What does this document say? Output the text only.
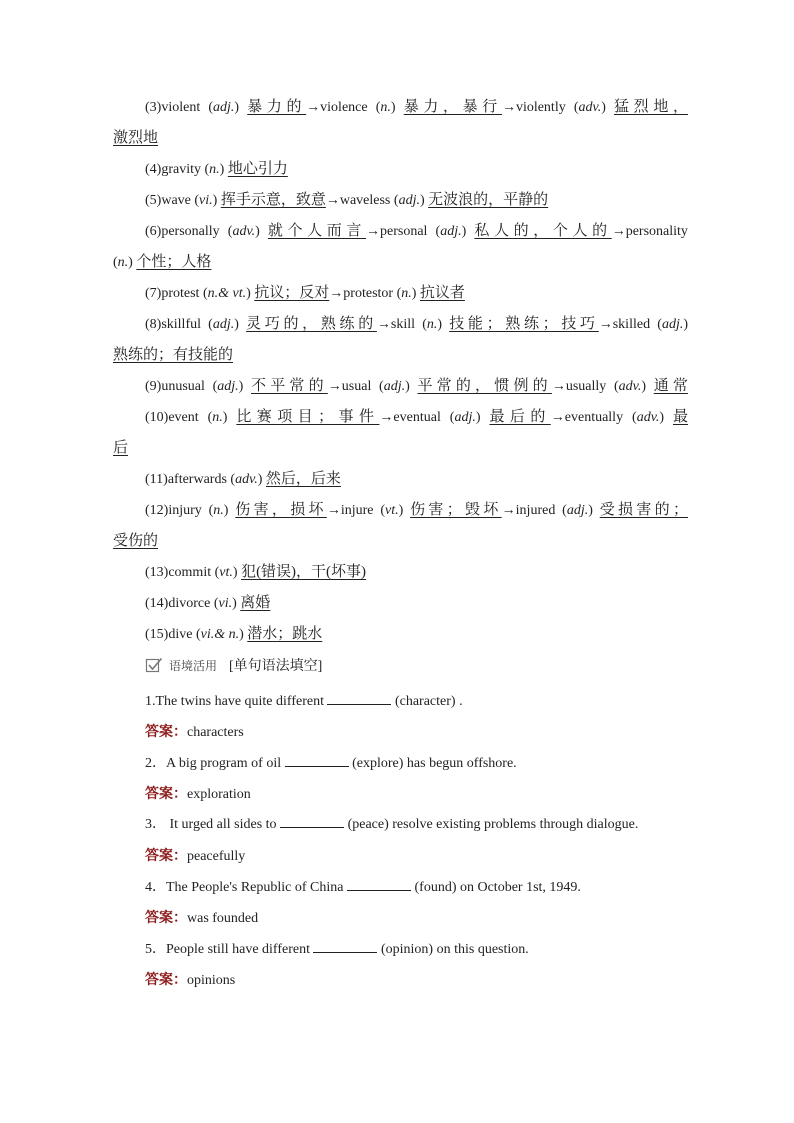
(3)violent (adj.) 暴力的→violence (n.) 暴力，暴行→violently (adv.) 猛烈地，
激烈地
(4)gravity (n.) 地心引力
(5)wave (vi.) 挥手示意，致意→waveless (adj.) 无波浪的，平静的
(6)personally (adv.) 就个人而言→personal (adj.) 私人的，个人的→personality
(n.) 个性；人格
(7)protest (n.& vt.) 抗议；反对→protestor (n.) 抗议者
(8)skillful (adj.) 灵巧的，熟练的→skill (n.) 技能；熟练；技巧→skilled (adj.)
熟练的；有技能的
(9)unusual (adj.) 不平常的→usual (adj.) 平常的，惯例的→usually (adv.) 通常
(10)event (n.) 比赛项目；事件→eventual (adj.) 最后的→eventually (adv.) 最
后
(11)afterwards (adv.) 然后，后来
(12)injury (n.) 伤害，损坏→injure (vt.) 伤害；毁坏→injured (adj.) 受损害的；
受伤的
(13)commit (vt.) 犯(错误)，干(坏事)
(14)divorce (vi.) 离婚
(15)dive (vi.& n.) 潜水；跳水
语境活用 [单句语法填空]
1.The twins have quite different	(character) .
答案：characters
2．A big program of oil	(explore) has begun offshore.
答案：exploration
3． It urged all sides to	(peace) resolve existing problems through dialogue.
答案：peacefully
4．The People's Republic of China	(found) on October 1st, 1949.
答案：was founded
5．People still have different	(opinion) on this question.
答案：opinions
